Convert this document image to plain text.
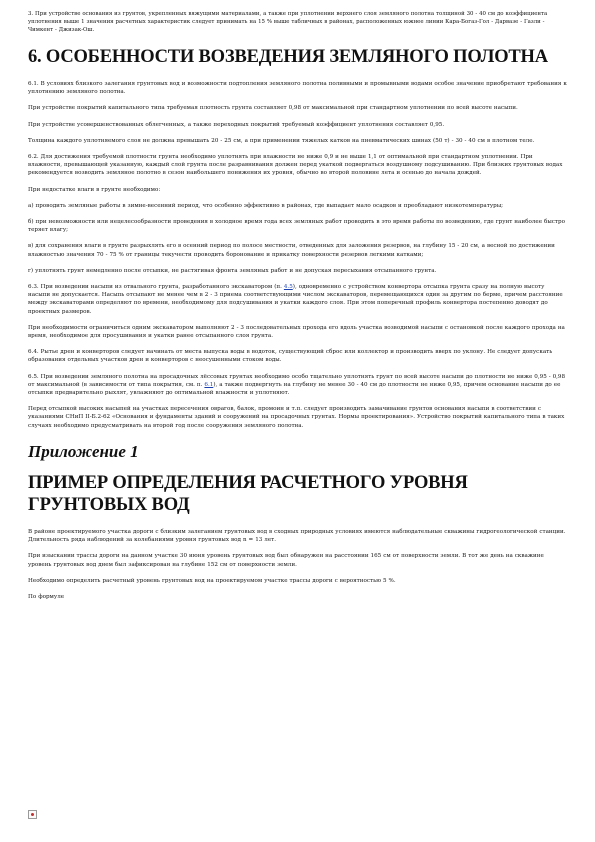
3. При устройстве основания из грунтов, укрепленных вяжущими материалами, а также при уплотнении верхнего слоя земляного полотна толщиной 30 - 40 см до коэффициента уплотнения выше 1 значения расчетных характеристик следует принимать на 15 % выше табличных в районах, расположенных южнее линии Кара-Богаз-Гол - Дарвазе - Газли - Чимкент - Джизак-Ош.

6. ОСОБЕННОСТИ ВОЗВЕДЕНИЯ ЗЕМЛЯНОГО ПОЛОТНА

6.1. В условиях близкого залегания грунтовых вод и возможности подтопления земляного полотна поливными и промывными водами особое значение приобретают требования к уплотнению земляного полотна.

При устройстве покрытий капитального типа требуемая плотность грунта составляет 0,98 от максимальной при стандартном уплотнении по всей высоте насыпи.

При устройстве усовершенствованных облегченных, а также переходных покрытий требуемый коэффициент уплотнения составляет 0,95.

Толщина каждого уплотняемого слоя не должна превышать 20 - 25 см, а при применении тяжелых катков на пневматических шинах (50 т) - 30 - 40 см в плотном теле.

6.2. Для достижения требуемой плотности грунта необходимо уплотнять при влажности не ниже 0,9 и не выше 1,1 от оптимальной при стандартном уплотнении. При влажности, превышающей указанную, каждый слой грунта после разравнивания должен перед укаткой подвергаться воздушному подсушиванию. При близких грунтовых водах рекомендуется возводить земляное полотно в сезон наибольшего понижения их уровня, обычно во второй половине лета и осенью до начала дождей.

При недостатке влаги в грунте необходимо:

а) проводить земляные работы в зимне-весенний период, что особенно эффективно в районах, где выпадает мало осадков и преобладают низкотемпературы;

б) при невозможности или нецелесообразности проведения в холодное время года всех земляных работ проводить в это время работы по возведению, где грунт наиболее быстро теряет влагу;

в) для сохранения влаги в грунте разрыхлять его в осенний период по полосе местности, отведенных для заложения резервов, на глубину 15 - 20 см, а весной по достижении влажностью значения 70 - 75 % от границы текучести проводить боронование и прикатку поверхности резервов легкими катками;

г) уплотнять грунт немедленно после отсыпки, не растягивая фронта земляных работ и не допуская пересыхания отсыпанного грунта.

6.3. При возведении насыпи из отвального грунта, разработанного экскаватором (п. 4.5), одновременно с устройством конвертора отсыпка грунта сразу на полную высоту насыпи не допускается. Насыпь отсыпают не менее чем в 2 - 3 приема соответствующими числом экскаваторов, перемещающихся один за другим по берме, причем расстояние между экскаваторами определяют по времени, необходимому для подсушивания и укатки каждого слоя. При этом поперечный профиль конвертора постепенно доводят до проектных размеров.

При необходимости ограничиться одним экскаватором выполняют 2 - 3 последовательных прохода его вдоль участка возводимой насыпи с остановкой после каждого прохода на время, необходимое для просушивания и укатки ранее отсыпанного слоя грунта.

6.4. Рытье дрен и конверторов следует начинать от места выпуска воды в водоток, существующий сброс или коллектор и производить вверх по уклону. Не следует допускать образования отдельных участков дрен и конверторов с неосушенными стоком воды.

6.5. При возведении земляного полотна на просадочных лёссовых грунтах необходимо особо тщательно уплотнять грунт по всей высоте насыпи до плотности не ниже 0,95 - 0,98 от максимальной (в зависимости от типа покрытия, см. п. 6.1), а также подвергнуть на глубину не менее 30 - 40 см до плотности не ниже 0,95, причем основание насыпи до ее отсыпки предварительно рыхлят, увлажняют до оптимальной влажности и уплотняют.

Перед отсыпкой высоких насыпей на участках пересечения оврагов, балок, промоин и т.п. следует производить замачивание грунтов основания насыпи в соответствии с указаниями СНиП II-Б.2-62 «Основания и фундаменты зданий и сооружений на просадочных грунтах. Нормы проектирования». Устройство покрытий капитального типа в таких случаях необходимо предусматривать на второй год после сооружения земляного полотна.

Приложение 1
ПРИМЕР ОПРЕДЕЛЕНИЯ РАСЧЕТНОГО УРОВНЯ ГРУНТОВЫХ ВОД

В районе проектируемого участка дороги с близким залеганием грунтовых вод в сходных природных условиях имеются наблюдательные скважины гидрогеологической станции. Длительность ряда наблюдений за колебаниями уровня грунтовых вод n = 13 лет.

При изыскании трассы дороги на данном участке 30 июня уровень грунтовых вод был обнаружен на расстоянии 165 см от поверхности земли. В тот же день на скважине уровень грунтовых вод днем был зафиксирован на глубине 152 см от поверхности земли.

Необходимо определить расчетный уровень грунтовых вод на проектируемом участке трассы дороги с вероятностью 5 %.

По формуле
